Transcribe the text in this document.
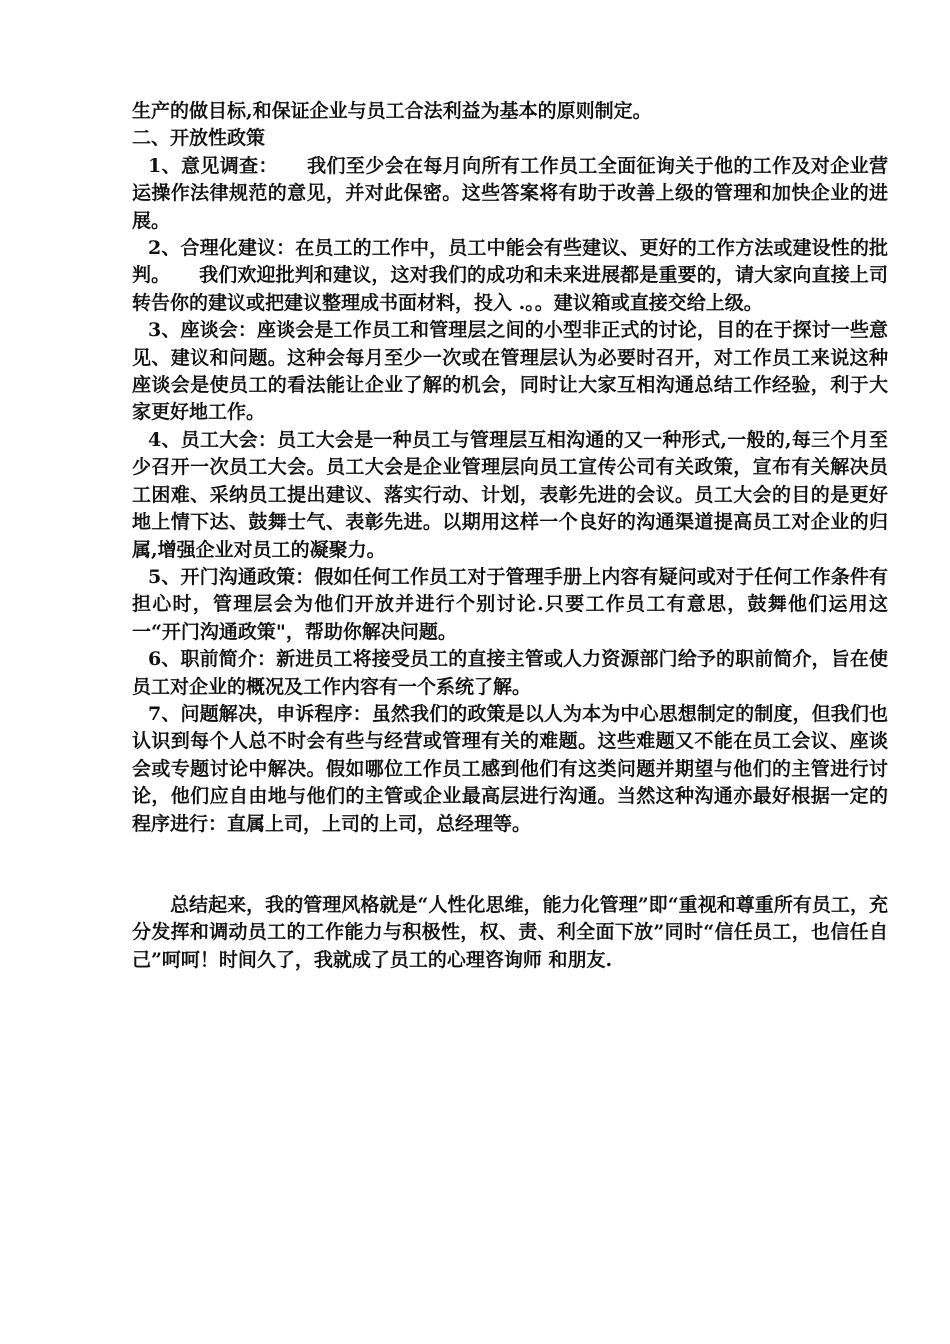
生产的做目标,和保证企业与员工合法利益为基本的原则制定。

二、开放性政策

1、意见调查：　　我们至少会在每月向所有工作员工全面征询关于他的工作及对企业营运操作法律规范的意见，并对此保密。这些答案将有助于改善上级的管理和加快企业的进展。

2、合理化建议：在员工的工作中，员工中能会有些建议、更好的工作方法或建设性的批判。　　我们欢迎批判和建议，这对我们的成功和未来进展都是重要的，请大家向直接上司转告你的建议或把建议整理成书面材料，投入 .。。建议箱或直接交给上级。

3、座谈会：座谈会是工作员工和管理层之间的小型非正式的讨论，目的在于探讨一些意见、建议和问题。这种会每月至少一次或在管理层认为必要时召开，对工作员工来说这种座谈会是使员工的看法能让企业了解的机会，同时让大家互相沟通总结工作经验，利于大家更好地工作。

4、员工大会：员工大会是一种员工与管理层互相沟通的又一种形式,一般的,每三个月至少召开一次员工大会。员工大会是企业管理层向员工宣传公司有关政策，宣布有关解决员工困难、采纳员工提出建议、落实行动、计划，表彰先进的会议。员工大会的目的是更好地上情下达、鼓舞士气、表彰先进。以期用这样一个良好的沟通渠道提高员工对企业的归属,增强企业对员工的凝聚力。

5、开门沟通政策：假如任何工作员工对于管理手册上内容有疑问或对于任何工作条件有担心时，管理层会为他们开放并进行个别讨论.只要工作员工有意思，鼓舞他们运用这一“开门沟通政策"，帮助你解决问题。

6、职前简介：新进员工将接受员工的直接主管或人力资源部门给予的职前简介，旨在使员工对企业的概况及工作内容有一个系统了解。

7、问题解决，申诉程序：虽然我们的政策是以人为本为中心思想制定的制度，但我们也认识到每个人总不时会有些与经营或管理有关的难题。这些难题又不能在员工会议、座谈会或专题讨论中解决。假如哪位工作员工感到他们有这类问题并期望与他们的主管进行讨论，他们应自由地与他们的主管或企业最高层进行沟通。当然这种沟通亦最好根据一定的程序进行：直属上司，上司的上司，总经理等。

总结起来，我的管理风格就是“人性化思维，能力化管理”即“重视和尊重所有员工，充分发挥和调动员工的工作能力与积极性，权、责、利全面下放”同时“信任员工，也信任自己”呵呵！时间久了，我就成了员工的心理咨询师 和朋友.
